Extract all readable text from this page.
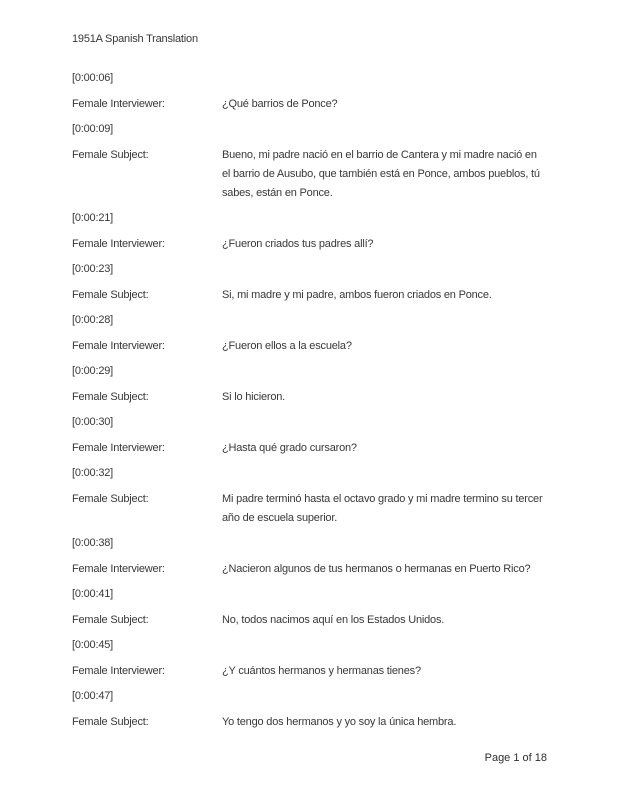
1951A Spanish Translation
[0:00:06]
Female Interviewer:	¿Qué barrios de Ponce?
[0:00:09]
Female Subject:	Bueno, mi padre nació en el barrio de Cantera y mi madre nació en el barrio de Ausubo, que también está en Ponce, ambos pueblos, tú sabes, están en Ponce.
[0:00:21]
Female Interviewer:	¿Fueron criados tus padres allí?
[0:00:23]
Female Subject:	Si, mi madre y mi padre, ambos fueron criados en Ponce.
[0:00:28]
Female Interviewer:	¿Fueron ellos a la escuela?
[0:00:29]
Female Subject:	Si lo hicieron.
[0:00:30]
Female Interviewer:	¿Hasta qué grado cursaron?
[0:00:32]
Female Subject:	Mi padre terminó hasta el octavo grado y mi madre termino su tercer año de escuela superior.
[0:00:38]
Female Interviewer:	¿Nacieron algunos de tus hermanos o hermanas en Puerto Rico?
[0:00:41]
Female Subject:	No, todos nacimos aquí en los Estados Unidos.
[0:00:45]
Female Interviewer:	¿Y cuántos hermanos y hermanas tienes?
[0:00:47]
Female Subject:	Yo tengo dos hermanos y yo soy la única hembra.
Page 1 of 18
